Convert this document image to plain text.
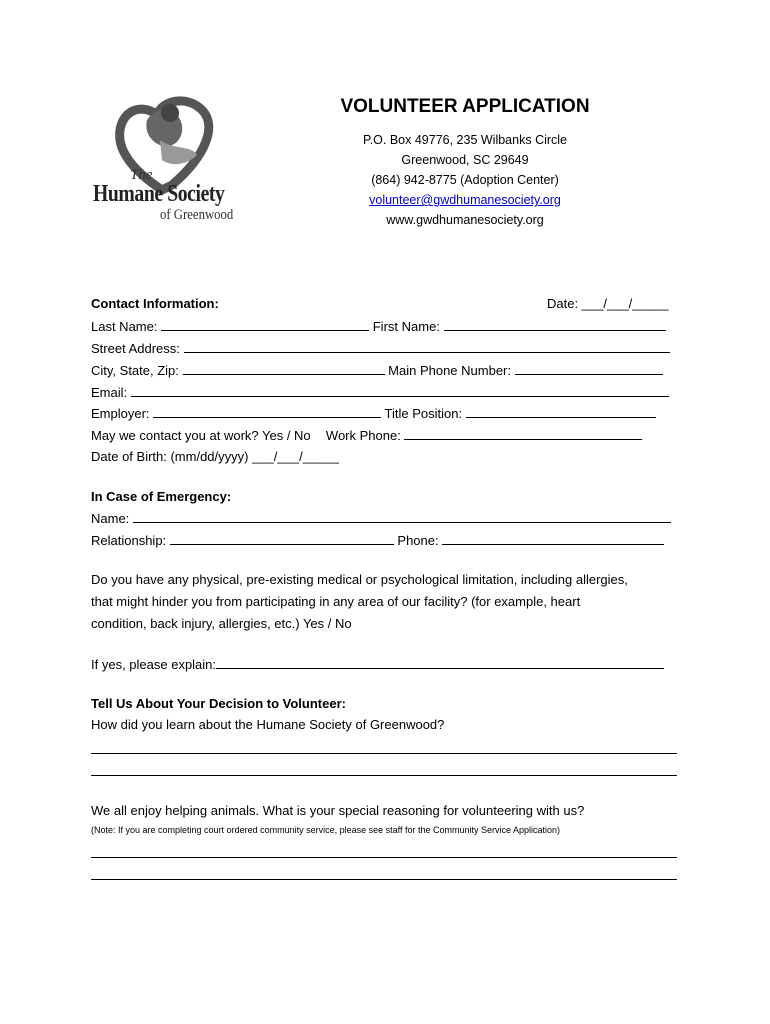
The
Humane Society
of Greenwood
VOLUNTEER APPLICATION
P.O. Box 49776, 235 Wilbanks Circle
Greenwood, SC 29649
(864) 942-8775 (Adoption Center)
volunteer@gwdhumanesociety.org
www.gwdhumanesociety.org
Contact Information:	Date: ___/___/_____
Last Name:	First Name:
Street Address:
City, State, Zip:	Main Phone Number:
Email:
Employer:	Title Position:
May we contact you at work? Yes / No Work Phone:
Date of Birth: (mm/dd/yyyy) ___/___/_____
In Case of Emergency:
Name:
Relationship:	Phone:
Do you have any physical, pre-existing medical or psychological limitation, including allergies,
that might hinder you from participating in any area of our facility? (for example, heart
condition, back injury, allergies, etc.) Yes / No
If yes, please explain:
Tell Us About Your Decision to Volunteer:
How did you learn about the Humane Society of Greenwood?
We all enjoy helping animals. What is your special reasoning for volunteering with us?
(Note: If you are completing court ordered community service, please see staff for the Community Service Application)
